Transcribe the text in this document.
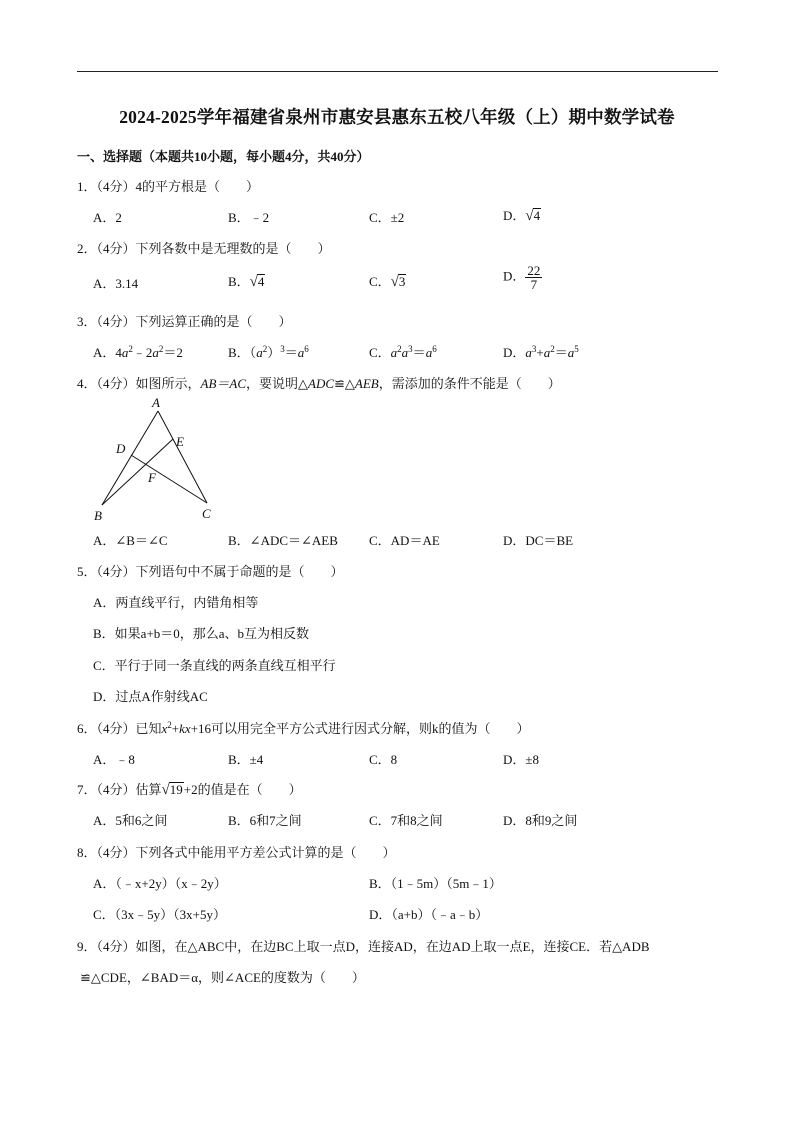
2024-2025学年福建省泉州市惠安县惠东五校八年级（上）期中数学试卷
一、选择题（本题共10小题，每小题4分，共40分）
1．（4分）4的平方根是（　　）
A．2	B．﹣2	C．±2	D．√4
2．（4分）下列各数中是无理数的是（　　）
A．3.14	B．√4	C．√3	D． $\frac{22}{7}$
3．（4分）下列运算正确的是（　　）
A．$4a^2﹣2a^2=2$	B．$(a^2)^3=a^6$	C．$a^2a^3=a^6$	D．$a^3+a^2=a^5$
4．（4分）如图所示，AB＝AC，要说明△ADC≌△AEB，需添加的条件不能是（　　）
A
B	C
D	E
F
A．∠B＝∠C	B．∠ADC＝∠AEB C．AD＝AE	D．DC＝BE
5．（4分）下列语句中不属于命题的是（　　）
A．两直线平行，内错角相等
B．如果a+b＝0，那么a、b互为相反数
C．平行于同一条直线的两条直线互相平行
D．过点A作射线AC
6．（4分）已知$x^2+kx+16$可以用完全平方公式进行因式分解，则k的值为（　　）
A．﹣8	B．±4	C．8	D．±8
7．（4分）估算√19+2的值是在（　　）
A．5和6之间	B．6和7之间	C．7和8之间	D．8和9之间
8．（4分）下列各式中能用平方差公式计算的是（　　）
A．（﹣x+2y）（x﹣2y）	B．（1﹣5m）（5m﹣1）
C．（3x﹣5y）（3x+5y）	D．（a+b）（﹣a﹣b）
9．（4分）如图，在△ABC中，在边BC上取一点D，连接AD，在边AD上取一点E，连接CE．若△ADB
≌△CDE，∠BAD＝α，则∠ACE的度数为（　　）
